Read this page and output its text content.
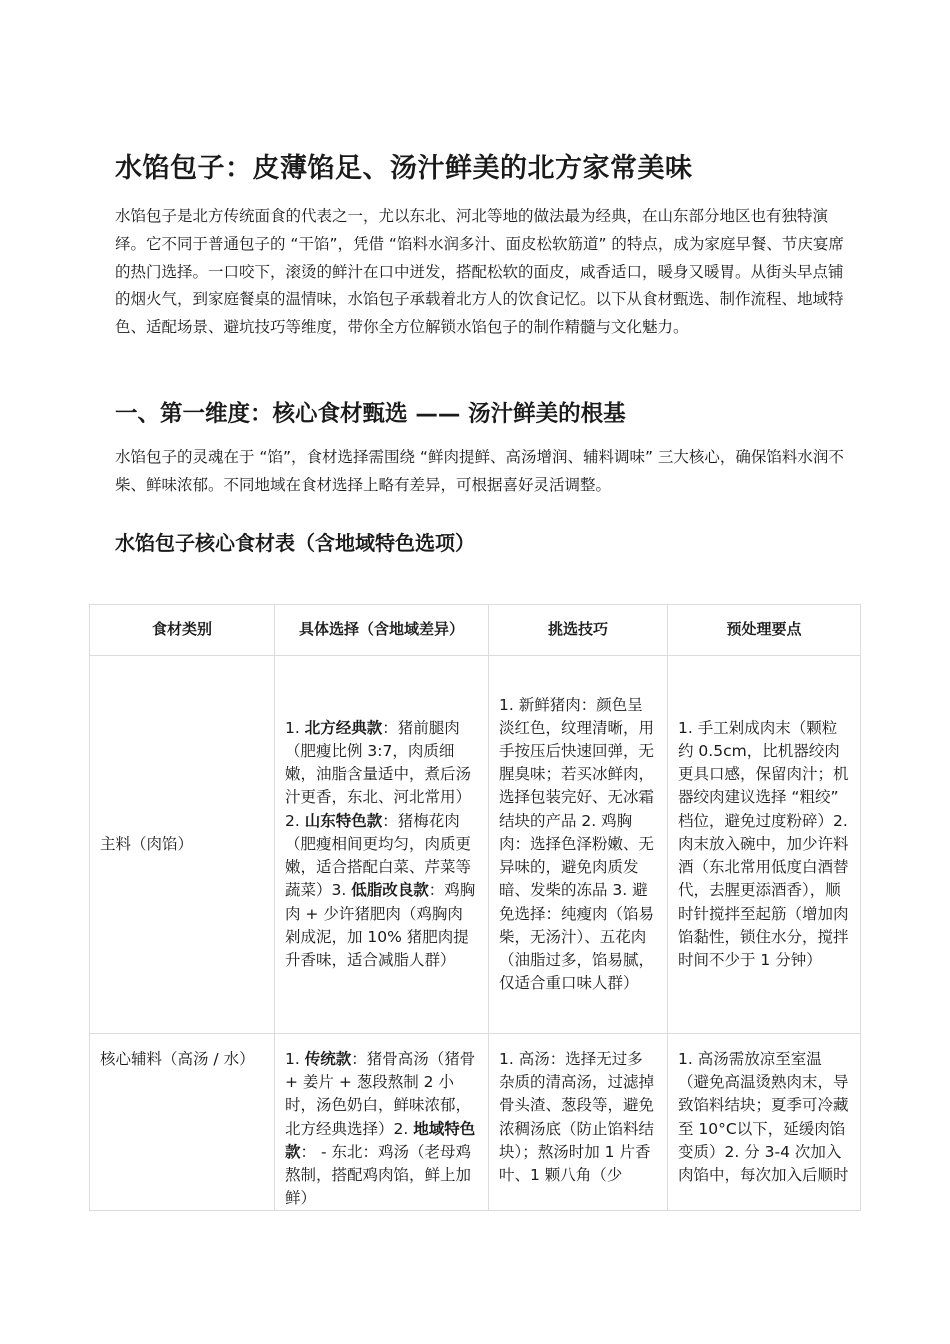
水馅包子：皮薄馅足、汤汁鲜美的北方家常美味

水馅包子是北方传统面食的代表之一，尤以东北、河北等地的做法最为经典，在山东部分地区也有独特演绎。它不同于普通包子的 “干馅”，凭借 “馅料水润多汁、面皮松软筋道” 的特点，成为家庭早餐、节庆宴席的热门选择。一口咬下，滚烫的鲜汁在口中迸发，搭配松软的面皮，咸香适口，暖身又暖胃。从街头早点铺的烟火气，到家庭餐桌的温情味，水馅包子承载着北方人的饮食记忆。以下从食材甄选、制作流程、地域特色、适配场景、避坑技巧等维度，带你全方位解锁水馅包子的制作精髓与文化魅力。

一、第一维度：核心食材甄选 —— 汤汁鲜美的根基

水馅包子的灵魂在于 “馅”，食材选择需围绕 “鲜肉提鲜、高汤增润、辅料调味” 三大核心，确保馅料水润不柴、鲜味浓郁。不同地域在食材选择上略有差异，可根据喜好灵活调整。

水馅包子核心食材表（含地域特色选项）
食材类别	具体选择（含地域差异）	挑选技巧	预处理要点
主料（肉馅）	1. 北方经典款：猪前腿肉（肥瘦比例 3:7，肉质细嫩，油脂含量适中，煮后汤汁更香，东北、河北常用）2. 山东特色款：猪梅花肉（肥瘦相间更均匀，肉质更嫩，适合搭配白菜、芹菜等蔬菜）3. 低脂改良款：鸡胸肉 + 少许猪肥肉（鸡胸肉剁成泥，加 10% 猪肥肉提升香味，适合减脂人群）	1. 新鲜猪肉：颜色呈淡红色，纹理清晰，用手按压后快速回弹，无腥臭味；若买冰鲜肉，选择包装完好、无冰霜结块的产品 2. 鸡胸肉：选择色泽粉嫩、无异味的，避免肉质发暗、发柴的冻品 3. 避免选择：纯瘦肉（馅易柴，无汤汁）、五花肉（油脂过多，馅易腻，仅适合重口味人群）	1. 手工剁成肉末（颗粒约 0.5cm，比机器绞肉更具口感，保留肉汁；机器绞肉建议选择 “粗绞” 档位，避免过度粉碎）2. 肉末放入碗中，加少许料酒（东北常用低度白酒替代，去腥更添酒香），顺时针搅拌至起筋（增加肉馅黏性，锁住水分，搅拌时间不少于 1 分钟）
核心辅料（高汤 / 水）	1. 传统款：猪骨高汤（猪骨 + 姜片 + 葱段熬制 2 小时，汤色奶白，鲜味浓郁，北方经典选择）2. 地域特色款： - 东北：鸡汤（老母鸡熬制，搭配鸡肉馅，鲜上加鲜）	1. 高汤：选择无过多杂质的清高汤，过滤掉骨头渣、葱段等，避免浓稠汤底（防止馅料结块）；熬汤时加 1 片香叶、1 颗八角（少	1. 高汤需放凉至室温（避免高温烫熟肉末，导致馅料结块；夏季可冷藏至 10°C以下，延缓肉馅变质）2. 分 3-4 次加入肉馅中，每次加入后顺时
